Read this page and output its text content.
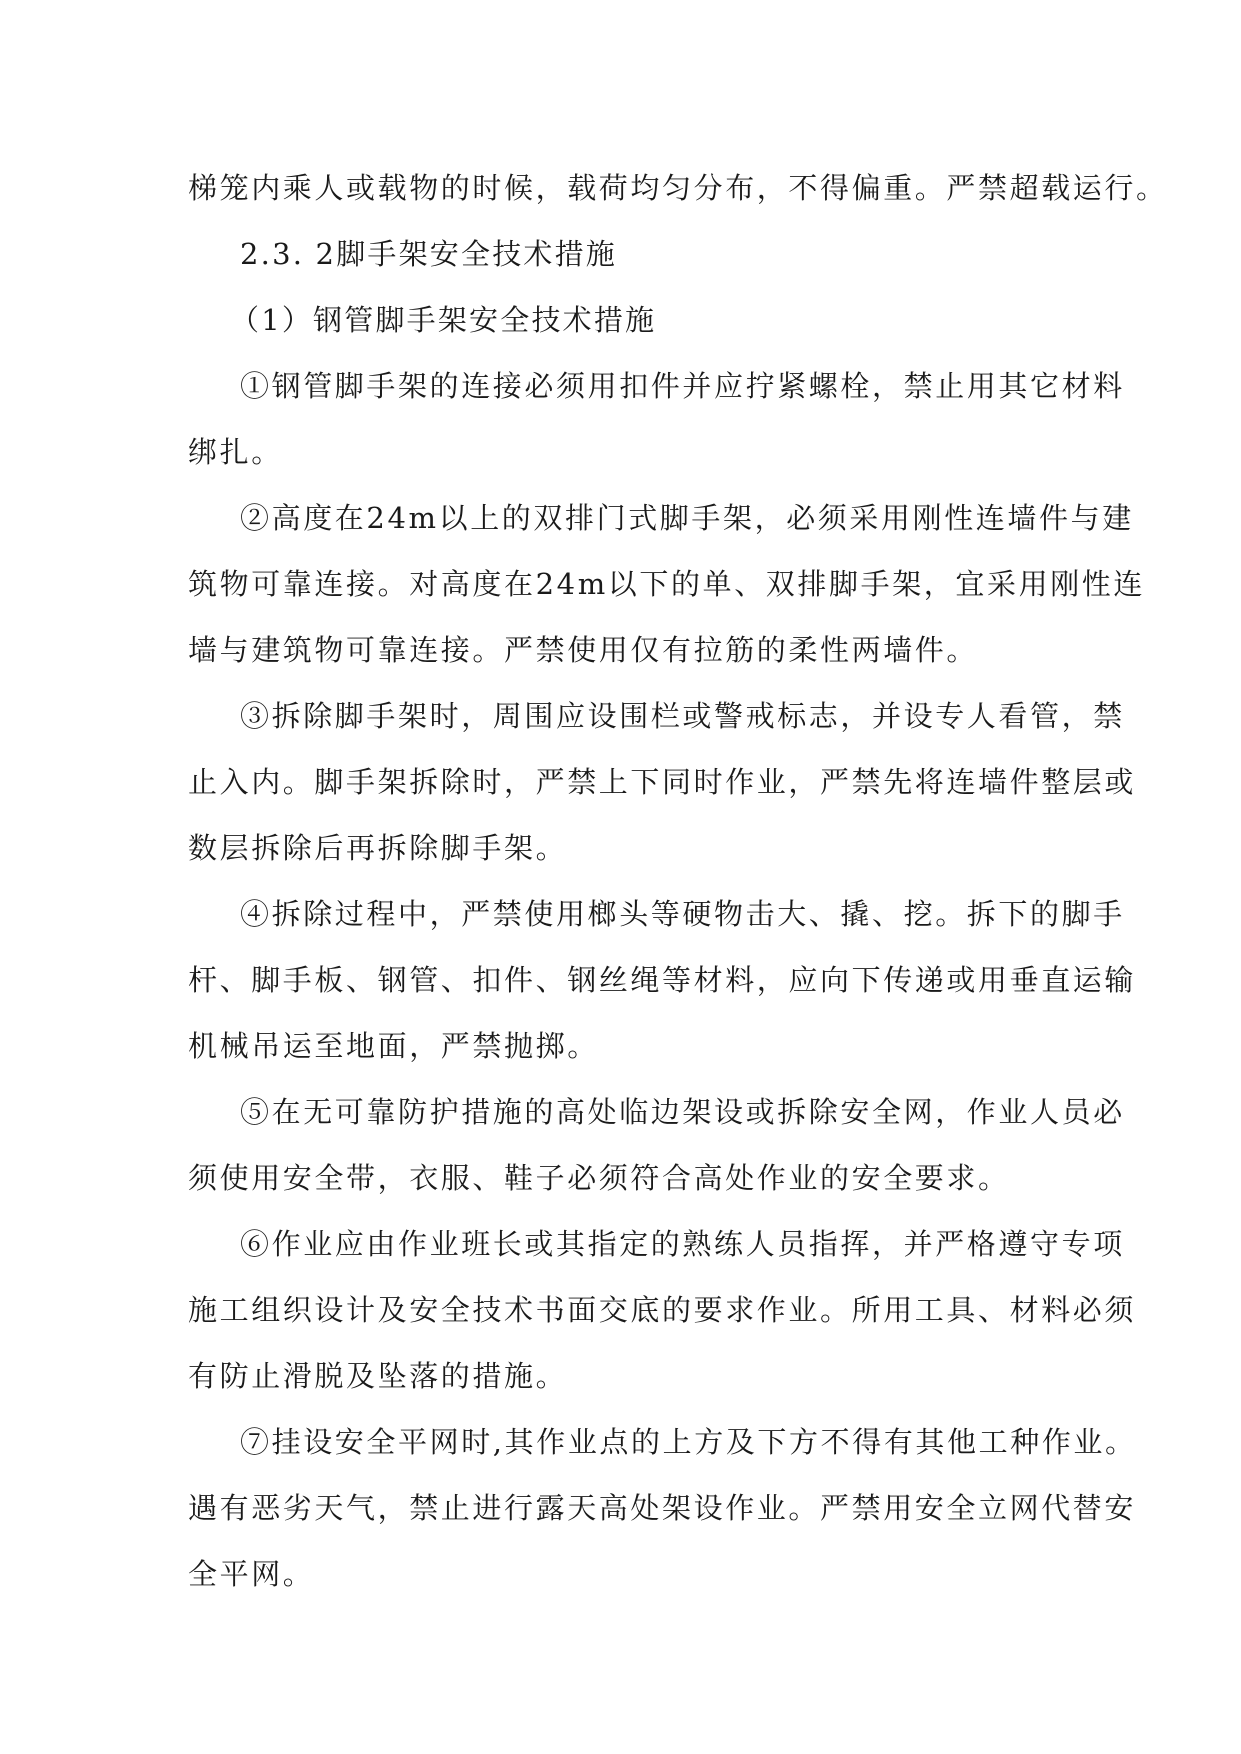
梯笼内乘人或载物的时候，载荷均匀分布，不得偏重。严禁超载运行。
2.3. 2脚手架安全技术措施
（1）钢管脚手架安全技术措施
①钢管脚手架的连接必须用扣件并应拧紧螺栓，禁止用其它材料
绑扎。
②高度在24m以上的双排门式脚手架，必须采用刚性连墙件与建
筑物可靠连接。对高度在24m以下的单、双排脚手架，宜采用刚性连
墙与建筑物可靠连接。严禁使用仅有拉筋的柔性两墙件。
③拆除脚手架时，周围应设围栏或警戒标志，并设专人看管，禁
止入内。脚手架拆除时，严禁上下同时作业，严禁先将连墙件整层或
数层拆除后再拆除脚手架。
④拆除过程中，严禁使用榔头等硬物击大、撬、挖。拆下的脚手
杆、脚手板、钢管、扣件、钢丝绳等材料，应向下传递或用垂直运输
机械吊运至地面，严禁抛掷。
⑤在无可靠防护措施的高处临边架设或拆除安全网，作业人员必
须使用安全带，衣服、鞋子必须符合高处作业的安全要求。
⑥作业应由作业班长或其指定的熟练人员指挥，并严格遵守专项
施工组织设计及安全技术书面交底的要求作业。所用工具、材料必须
有防止滑脱及坠落的措施。
⑦挂设安全平网时,其作业点的上方及下方不得有其他工种作业。
遇有恶劣天气，禁止进行露天高处架设作业。严禁用安全立网代替安
全平网。
